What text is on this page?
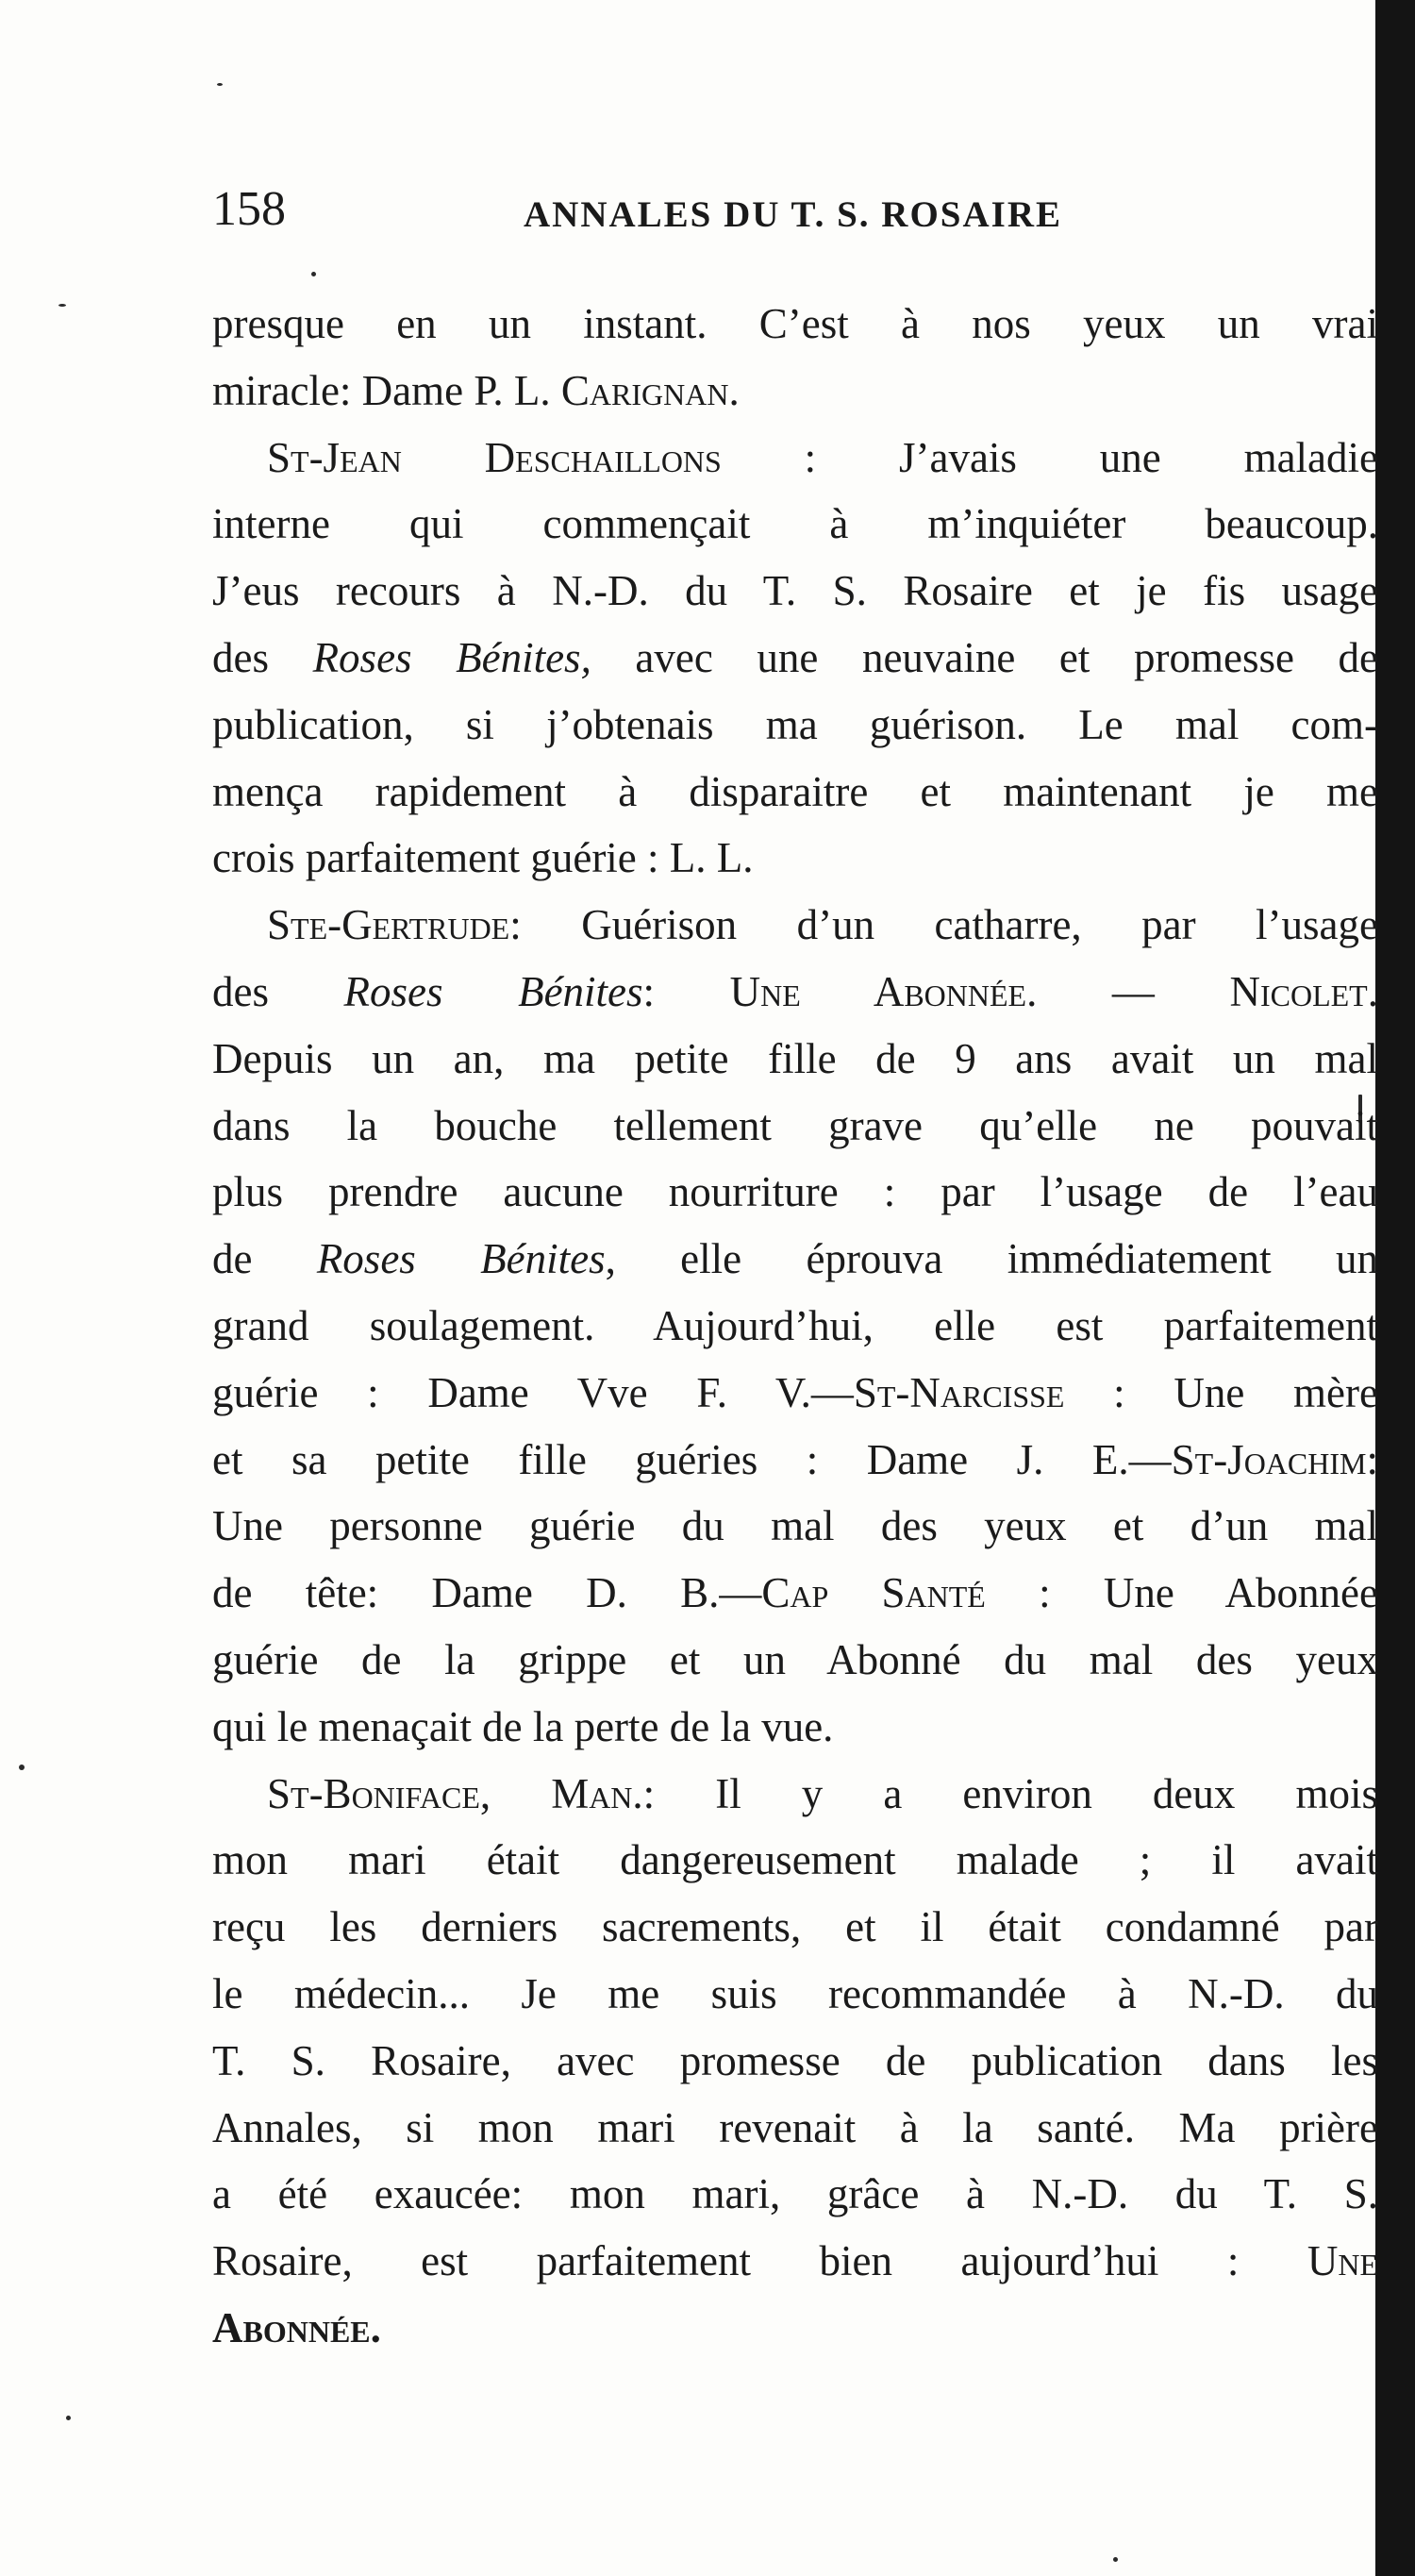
158	ANNALES DU T. S. ROSAIRE
presque en un instant. C’est à nos yeux un vrai
miracle: Dame P. L. Carignan.
St-Jean Deschaillons : J’avais une maladie
interne qui commençait à m’inquiéter beaucoup.
J’eus recours à N.-D. du T. S. Rosaire et je fis usage
des Roses Bénites, avec une neuvaine et promesse de
publication, si j’obtenais ma guérison. Le mal com-
mença rapidement à disparaitre et maintenant je me
crois parfaitement guérie : L. L.
Ste-Gertrude: Guérison d’un catharre, par l’usage
des Roses Bénites: Une Abonnée. — Nicolet.
Depuis un an, ma petite fille de 9 ans avait un mal
dans la bouche tellement grave qu’elle ne pouvait
plus prendre aucune nourriture : par l’usage de l’eau
de Roses Bénites, elle éprouva immédiatement un
grand soulagement. Aujourd’hui, elle est parfaitement
guérie : Dame Vve F. V.—St-Narcisse : Une mère
et sa petite fille guéries : Dame J. E.—St-Joachim:
Une personne guérie du mal des yeux et d’un mal
de tête: Dame D. B.—Cap Santé : Une Abonnée
guérie de la grippe et un Abonné du mal des yeux
qui le menaçait de la perte de la vue.
St-Boniface, Man.: Il y a environ deux mois
mon mari était dangereusement malade ; il avait
reçu les derniers sacrements, et il était condamné par
le médecin... Je me suis recommandée à N.-D. du
T. S. Rosaire, avec promesse de publication dans les
Annales, si mon mari revenait à la santé. Ma prière
a été exaucée: mon mari, grâce à N.-D. du T. S.
Rosaire, est parfaitement bien aujourd’hui : Une
Abonnée.
